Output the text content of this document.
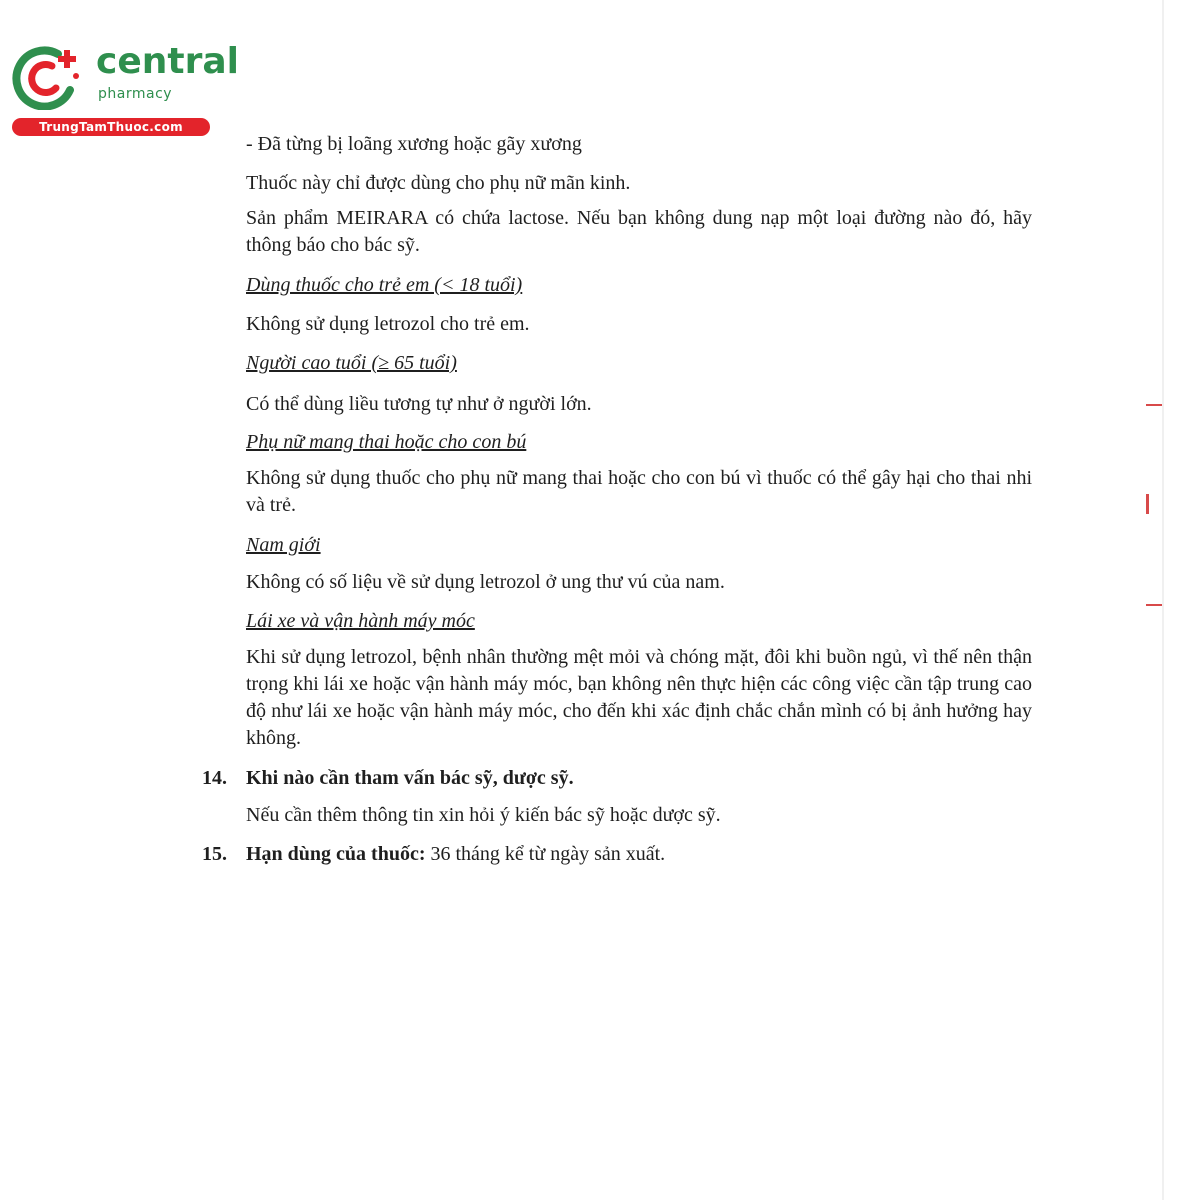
central
pharmacy
TrungTamThuoc.com
- Đã từng bị loãng xương hoặc gãy xương
Thuốc này chỉ được dùng cho phụ nữ mãn kinh.
Sản phẩm MEIRARA có chứa lactose. Nếu bạn không dung nạp một loại đường nào đó, hãy thông báo cho bác sỹ.
Dùng thuốc cho trẻ em (< 18 tuổi)
Không sử dụng letrozol cho trẻ em.
Người cao tuổi (≥ 65 tuổi)
Có thể dùng liều tương tự như ở người lớn.
Phụ nữ mang thai hoặc cho con bú
Không sử dụng thuốc cho phụ nữ mang thai hoặc cho con bú vì thuốc có thể gây hại cho thai nhi và trẻ.
Nam giới
Không có số liệu về sử dụng letrozol ở ung thư vú của nam.
Lái xe và vận hành máy móc
Khi sử dụng letrozol, bệnh nhân thường mệt mỏi và chóng mặt, đôi khi buồn ngủ, vì thế nên thận trọng khi lái xe hoặc vận hành máy móc, bạn không nên thực hiện các công việc cần tập trung cao độ như lái xe hoặc vận hành máy móc, cho đến khi xác định chắc chắn mình có bị ảnh hưởng hay không.
14. Khi nào cần tham vấn bác sỹ, dược sỹ.
Nếu cần thêm thông tin xin hỏi ý kiến bác sỹ hoặc dược sỹ.
15. Hạn dùng của thuốc: 36 tháng kể từ ngày sản xuất.
